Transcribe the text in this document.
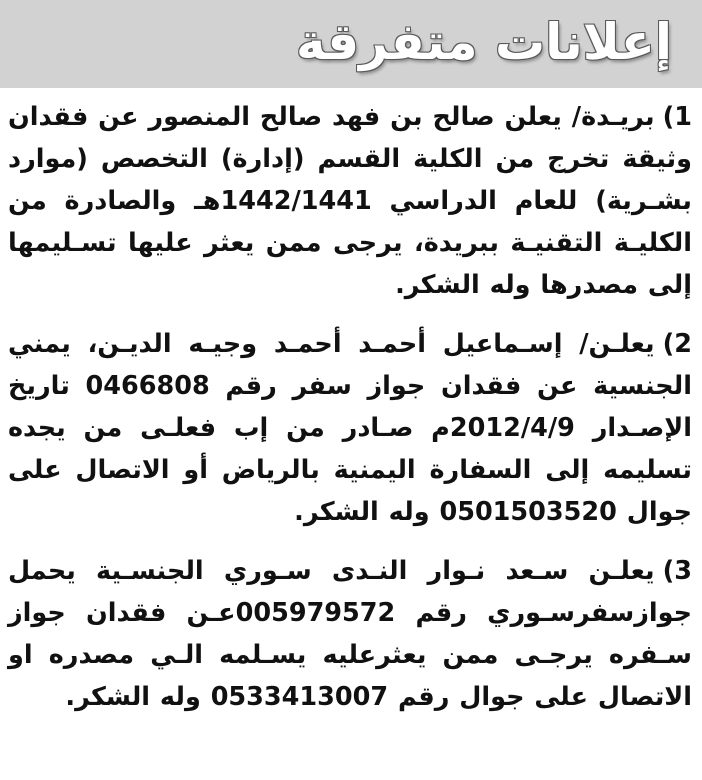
إعلانات متفرقة

1)بريـدة/ يعلن صالح بن فهد صالح المنصور عن فقدان وثيقة تخرج من الكلية القسم (إدارة) التخصص (موارد بشـرية) للعام الدراسي 1442/1441هـ والصادرة من الكليـة التقنيـة ببريدة، يرجى ممن يعثر عليها تسـليمها إلى مصدرها وله الشكر.

2)يعلـن/ إسـماعيل أحمـد أحمـد وجيـه الديـن، يمني الجنسية عن فقدان جواز سفر رقم 0466808 تاريخ الإصـدار 2012/4/9م صـادر من إب فعلـى من يجده تسليمه إلى السفارة اليمنية بالرياض أو الاتصال على جوال 0501503520 وله الشكر.

3)يعلـن سـعد نـوار النـدى سـوري الجنسـية يحمل جوازسفرسـوري رقم 005979572عـن فقدان جواز سـفره يرجـى ممن يعثرعليه يسـلمه الـي مصدره او الاتصال على جوال رقم 0533413007 وله الشكر.
